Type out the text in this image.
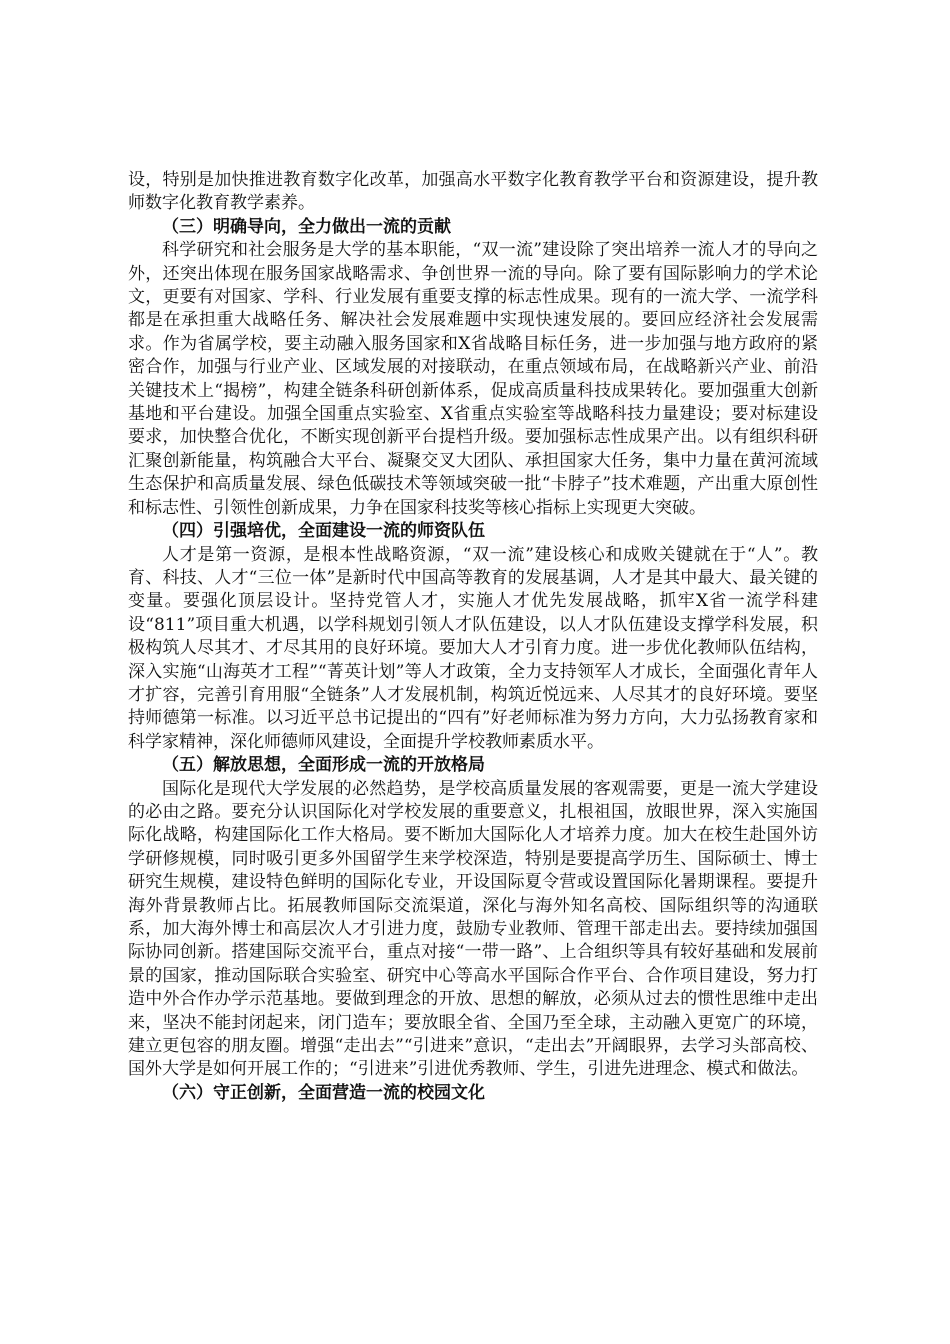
设，特别是加快推进教育数字化改革，加强高水平数字化教育教学平台和资源建设，提升教师数字化教育教学素养。

（三）明确导向，全力做出一流的贡献

科学研究和社会服务是大学的基本职能，“双一流”建设除了突出培养一流人才的导向之外，还突出体现在服务国家战略需求、争创世界一流的导向。除了要有国际影响力的学术论文，更要有对国家、学科、行业发展有重要支撑的标志性成果。现有的一流大学、一流学科都是在承担重大战略任务、解决社会发展难题中实现快速发展的。要回应经济社会发展需求。作为省属学校，要主动融入服务国家和X省战略目标任务，进一步加强与地方政府的紧密合作，加强与行业产业、区域发展的对接联动，在重点领域布局，在战略新兴产业、前沿关键技术上“揭榜”，构建全链条科研创新体系，促成高质量科技成果转化。要加强重大创新基地和平台建设。加强全国重点实验室、X省重点实验室等战略科技力量建设；要对标建设要求，加快整合优化，不断实现创新平台提档升级。要加强标志性成果产出。以有组织科研汇聚创新能量，构筑融合大平台、凝聚交叉大团队、承担国家大任务，集中力量在黄河流域生态保护和高质量发展、绿色低碳技术等领域突破一批“卡脖子”技术难题，产出重大原创性和标志性、引领性创新成果，力争在国家科技奖等核心指标上实现更大突破。

（四）引强培优，全面建设一流的师资队伍

人才是第一资源，是根本性战略资源，“双一流”建设核心和成败关键就在于“人”。教育、科技、人才“三位一体”是新时代中国高等教育的发展基调，人才是其中最大、最关键的变量。要强化顶层设计。坚持党管人才，实施人才优先发展战略，抓牢X省一流学科建设“811”项目重大机遇，以学科规划引领人才队伍建设，以人才队伍建设支撑学科发展，积极构筑人尽其才、才尽其用的良好环境。要加大人才引育力度。进一步优化教师队伍结构，深入实施“山海英才工程”“菁英计划”等人才政策，全力支持领军人才成长，全面强化青年人才扩容，完善引育用服“全链条”人才发展机制，构筑近悦远来、人尽其才的良好环境。要坚持师德第一标准。以习近平总书记提出的“四有”好老师标准为努力方向，大力弘扬教育家和科学家精神，深化师德师风建设，全面提升学校教师素质水平。

（五）解放思想，全面形成一流的开放格局

国际化是现代大学发展的必然趋势，是学校高质量发展的客观需要，更是一流大学建设的必由之路。要充分认识国际化对学校发展的重要意义，扎根祖国，放眼世界，深入实施国际化战略，构建国际化工作大格局。要不断加大国际化人才培养力度。加大在校生赴国外访学研修规模，同时吸引更多外国留学生来学校深造，特别是要提高学历生、国际硕士、博士研究生规模，建设特色鲜明的国际化专业，开设国际夏令营或设置国际化暑期课程。要提升海外背景教师占比。拓展教师国际交流渠道，深化与海外知名高校、国际组织等的沟通联系，加大海外博士和高层次人才引进力度，鼓励专业教师、管理干部走出去。要持续加强国际协同创新。搭建国际交流平台，重点对接“一带一路”、上合组织等具有较好基础和发展前景的国家，推动国际联合实验室、研究中心等高水平国际合作平台、合作项目建设，努力打造中外合作办学示范基地。要做到理念的开放、思想的解放，必须从过去的惯性思维中走出来，坚决不能封闭起来，闭门造车；要放眼全省、全国乃至全球，主动融入更宽广的环境，建立更包容的朋友圈。增强“走出去”“引进来”意识，“走出去”开阔眼界，去学习头部高校、国外大学是如何开展工作的；“引进来”引进优秀教师、学生，引进先进理念、模式和做法。

（六）守正创新，全面营造一流的校园文化
